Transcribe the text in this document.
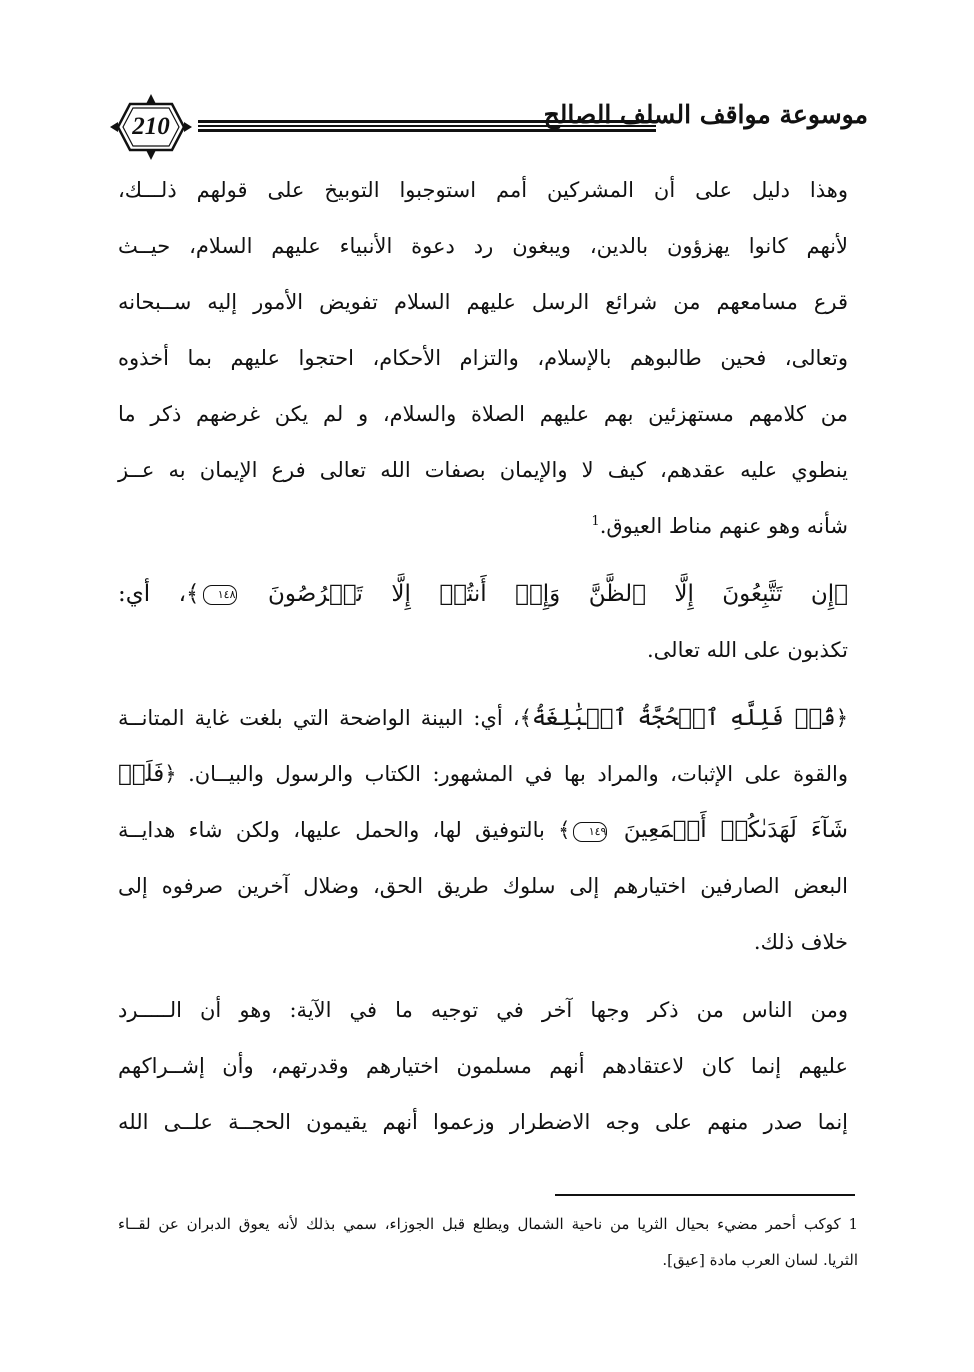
210	موسوعة مواقف السلف الصالح
وهذا دليل على أن المشركين أمم استوجبوا التوبيخ على قولهم ذلـــك،
لأنهم كانوا يهزؤون بالدين، ويبغون رد دعوة الأنبياء عليهم السلام، حيــث
قرع مسامعهم من شرائع الرسل عليهم السلام تفويض الأمور إليه ســبحانه
وتعالى، فحين طالبوهم بالإسلام، والتزام الأحكام، احتجوا عليهم بما أخذوه
من كلامهم مستهزئين بهم عليهم الصلاة والسلام، و لم يكن غرضهم ذكر ما
ينطوي عليه عقدهم، كيف لا والإيمان بصفات الله تعالى فرع الإيمان به عــز
شأنه وهو عنهم مناط العيوق.$^1$
﴿إِن تَتَّبِعُونَ إِلَّا ٱلظَّنَّ وَإِنۡ أَنتُمۡ إِلَّا تَخۡرُصُونَ ١٤٨﴾، أي:
تكذبون على الله تعالى.
﴿قُلۡ فَلِلَّهِ ٱلۡحُجَّةُ ٱلۡبَٰلِغَةُ﴾، أي: البينة الواضحة التي بلغت غاية المتانــة
والقوة على الإثبات، والمراد بها في المشهور: الكتاب والرسول والبيــان. ﴿فَلَوۡ
شَآءَ لَهَدَىٰكُمۡ أَجۡمَعِينَ ١٤٩﴾ بالتوفيق لها، والحمل عليها، ولكن شاء هدايــة
البعض الصارفين اختيارهم إلى سلوك طريق الحق، وضلال آخرين صرفوه إلى
خلاف ذلك.
ومن الناس من ذكر وجها آخر في توجيه ما في الآية: وهو أن الـــــرد
عليهم إنما كان لاعتقادهم أنهم مسلمون اختيارهم وقدرتهم، وأن إشــراكهم
إنما صدر منهم على وجه الاضطرار وزعموا أنهم يقيمون الحجــة علــى الله
1 كوكب أحمر مضيء بحيال الثريا من ناحية الشمال ويطلع قبل الجوزاء، سمي بذلك لأنه يعوق الدبران عن لقــاء
الثريا. لسان العرب مادة [عيق].
